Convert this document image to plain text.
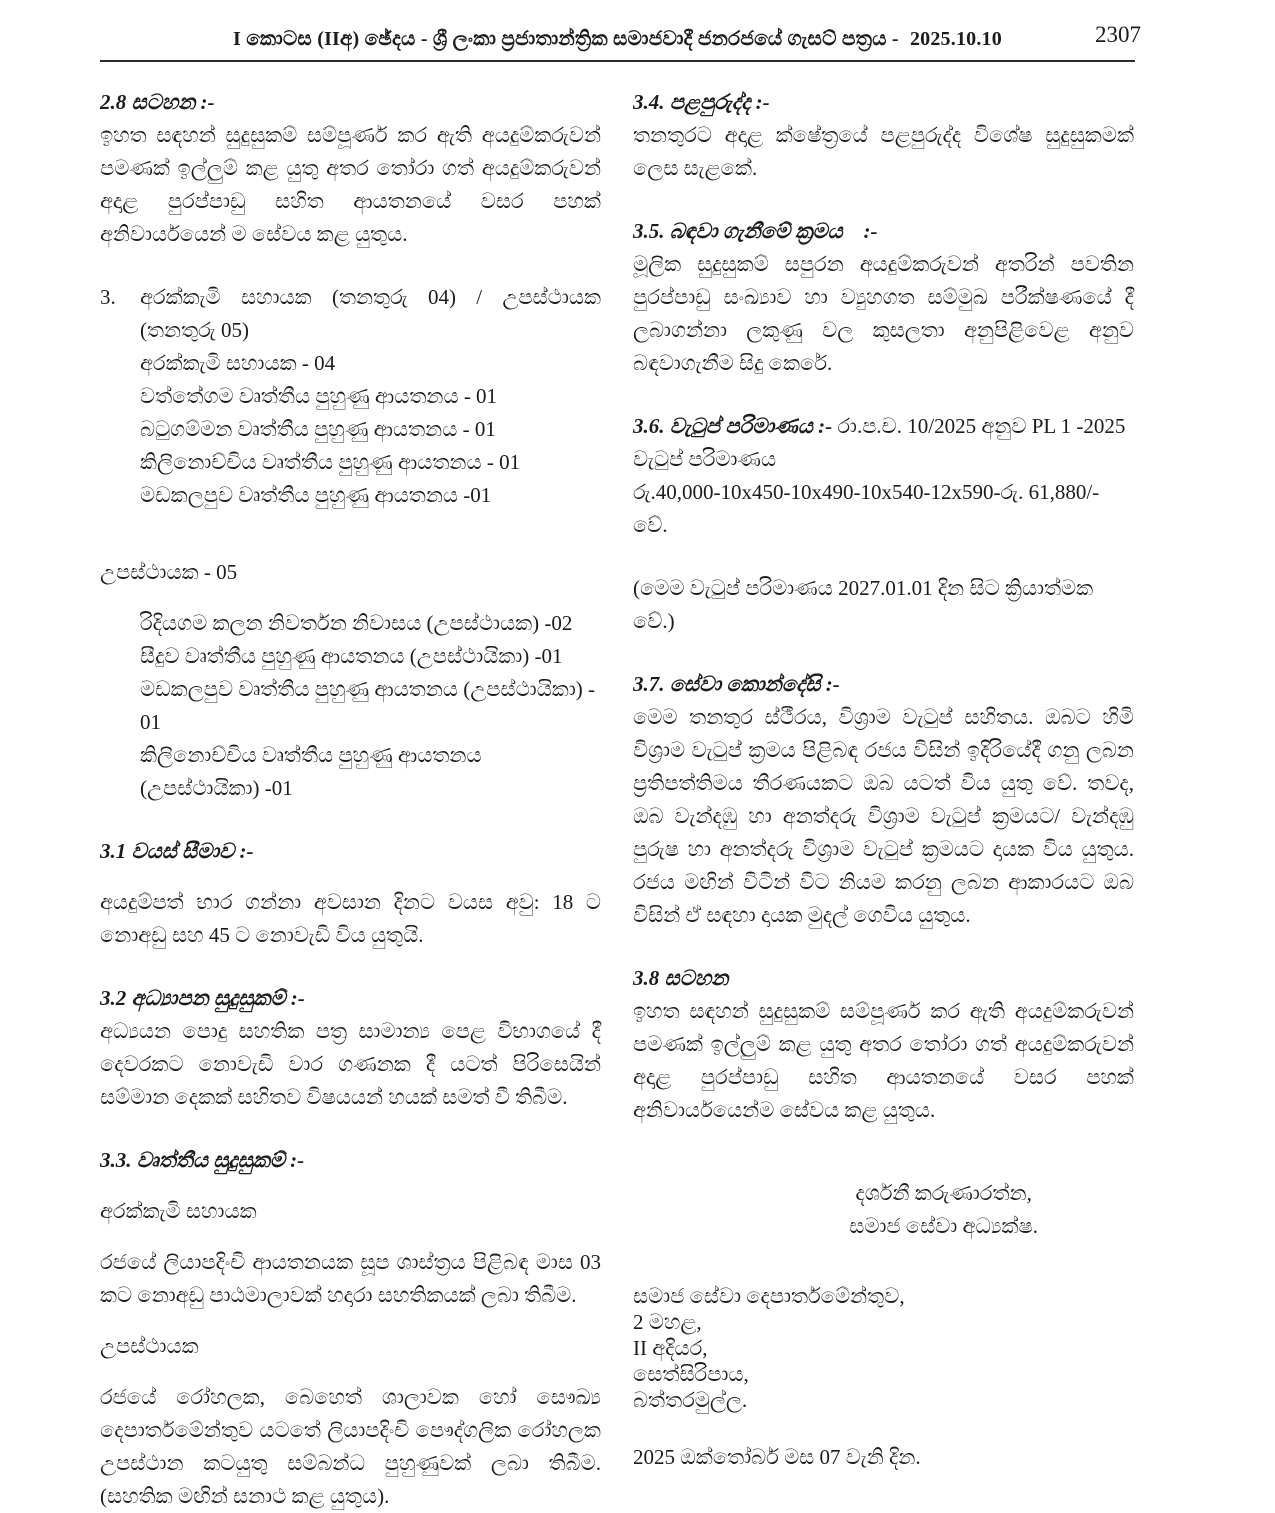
I කොටස (IIඅ) ඡේදය - ශ්‍රී ලංකා ප්‍රජාතාන්ත්‍රික සමාජවාදී ජනරජයේ ගැසට් පත්‍රය - 2025.10.10	2307
2.8 සටහන :-

ඉහත සඳහන් සුදුසුකම් සම්පූර්ණ කර ඇති අයදුම්කරුවන් පමණක් ඉල්ලුම් කළ යුතු අතර තෝරා ගත් අයදුම්කරුවන් අදාළ පුරප්පාඩු සහිත ආයතනයේ වසර පහක් අනිවාර්යයෙන් ම සේවය කළ යුතුය.

3.	අරක්කැමි සහායක (තනතුරු 04) / උපස්ථායක (තනතුරු 05)

අරක්කැමි සහායක - 04
වත්තේගම වෘත්තීය පුහුණු ආයතනය - 01
බටුගම්මන වෘත්තීය පුහුණු ආයතනය - 01
කිලිනොච්චිය වෘත්තීය පුහුණු ආයතනය - 01
මඩකලපුව වෘත්තීය පුහුණු ආයතනය -01
උපස්ථායක - 05
රිදියගම කලන නිවර්තන නිවාසය (උපස්ථායක) -02
සීදුව වෘත්තීය පුහුණු ආයතනය (උපස්ථායිකා) -01
මඩකලපුව වෘත්තීය පුහුණු ආයතනය (උපස්ථායිකා) - 01
කිලිනොච්චිය වෘත්තීය පුහුණු ආයතනය (උපස්ථායිකා) -01
3.1 වයස් සීමාව :-

අයදුම්පත් භාර ගන්නා අවසාන දිනට වයස අවු: 18 ට නොඅඩු සහ 45 ට නොවැඩි විය යුතුයි.

3.2 අධ්‍යාපන සුදුසුකම් :-

අධ්‍යයන පොදු සහතික පත්‍ර සාමාන්‍ය පෙළ විභාගයේ දී දෙවරකට නොවැඩි වාර ගණනක දී යටත් පිරිසෙයින් සම්මාන දෙකක් සහිතව විෂයයන් හයක් සමත් වී තිබීම.

3.3. වෘත්තීය සුදුසුකම් :-
අරක්කැමි සහායක

රජයේ ලියාපදිංචි ආයතනයක සූප ශාස්ත්‍රය පිළිබඳ මාස 03 කට නොඅඩු පාඨමාලාවක් හදාරා සහතිකයක් ලබා තිබීම.

උපස්ථායක

රජයේ රෝහලක, බෙහෙත් ශාලාවක හෝ සෞඛ්‍ය දෙපාර්තමේන්තුව යටතේ ලියාපදිංචි පෞද්ගලික රෝහලක උපස්ථාන කටයුතු සම්බන්ධ පුහුණුවක් ලබා තිබීම. (සහතික මඟින් සනාථ කළ යුතුය).

3.4. පළපුරුද්ද :-

තනතුරට අදාළ ක්ෂේත්‍රයේ පළපුරුද්ද විශේෂ සුදුසුකමක් ලෙස සැළකේ.

3.5. බඳවා ගැනීමේ ක්‍රමය    :-

මූලික සුදුසුකම් සපුරන අයදුම්කරුවන් අතරින් පවතින පුරප්පාඩු සංඛ්‍යාව හා ව්‍යුහගත සම්මුඛ පරීක්ෂණයේ දී ලබාගන්නා ලකුණු වල කුසලතා අනුපිළිවෙළ අනුව බඳවාගැනීම සිදු කෙරේ.

3.6. වැටුප් පරිමාණය :- රා.ප.ච. 10/2025 අනුව PL 1 -2025

වැටුප් පරිමාණය
රු.40,000-10x450-10x490-10x540-12x590-රු. 61,880/- වේ.
(මෙම වැටුප් පරිමාණය 2027.01.01 දින සිට ක්‍රියාත්මක වේ.)
3.7. සේවා කොන්දේසි :-

මෙම තනතුර ස්ථීරය, විශ්‍රාම වැටුප් සහිතය. ඔබට හිමි විශ්‍රාම වැටුප් ක්‍රමය පිළිබඳ රජය විසින් ඉදිරියේදී ගනු ලබන ප්‍රතිපත්තිමය තීරණයකට ඔබ යටත් විය යුතු වේ. තවද, ඔබ වැන්දඹු හා අනත්දරු විශ්‍රාම වැටුප් ක්‍රමයට/ වැන්දඹු පුරුෂ හා අනත්දරු විශ්‍රාම වැටුප් ක්‍රමයට දායක විය යුතුය. රජය මඟින් විටින් විට නියම කරනු ලබන ආකාරයට ඔබ විසින් ඒ සඳහා දායක මුදල් ගෙවිය යුතුය.

3.8 සටහන

ඉහත සඳහන් සුදුසුකම් සම්පූර්ණ කර ඇති අයදුම්කරුවන් පමණක් ඉල්ලුම් කළ යුතු අතර තෝරා ගත් අයදුම්කරුවන් අදාළ පුරප්පාඩු සහිත ආයතනයේ වසර පහක් අනිවාර්යයෙන්ම සේවය කළ යුතුය.

දර්ශනී කරුණාරත්න,
සමාජ සේවා අධ්‍යක්ෂ.
සමාජ සේවා දෙපාර්තමේන්තුව,
2 මහළ,
II අදියර,
සෙත්සිරිපාය,
බත්තරමුල්ල.
2025 ඔක්තෝබර් මස 07 වැනි දින.
